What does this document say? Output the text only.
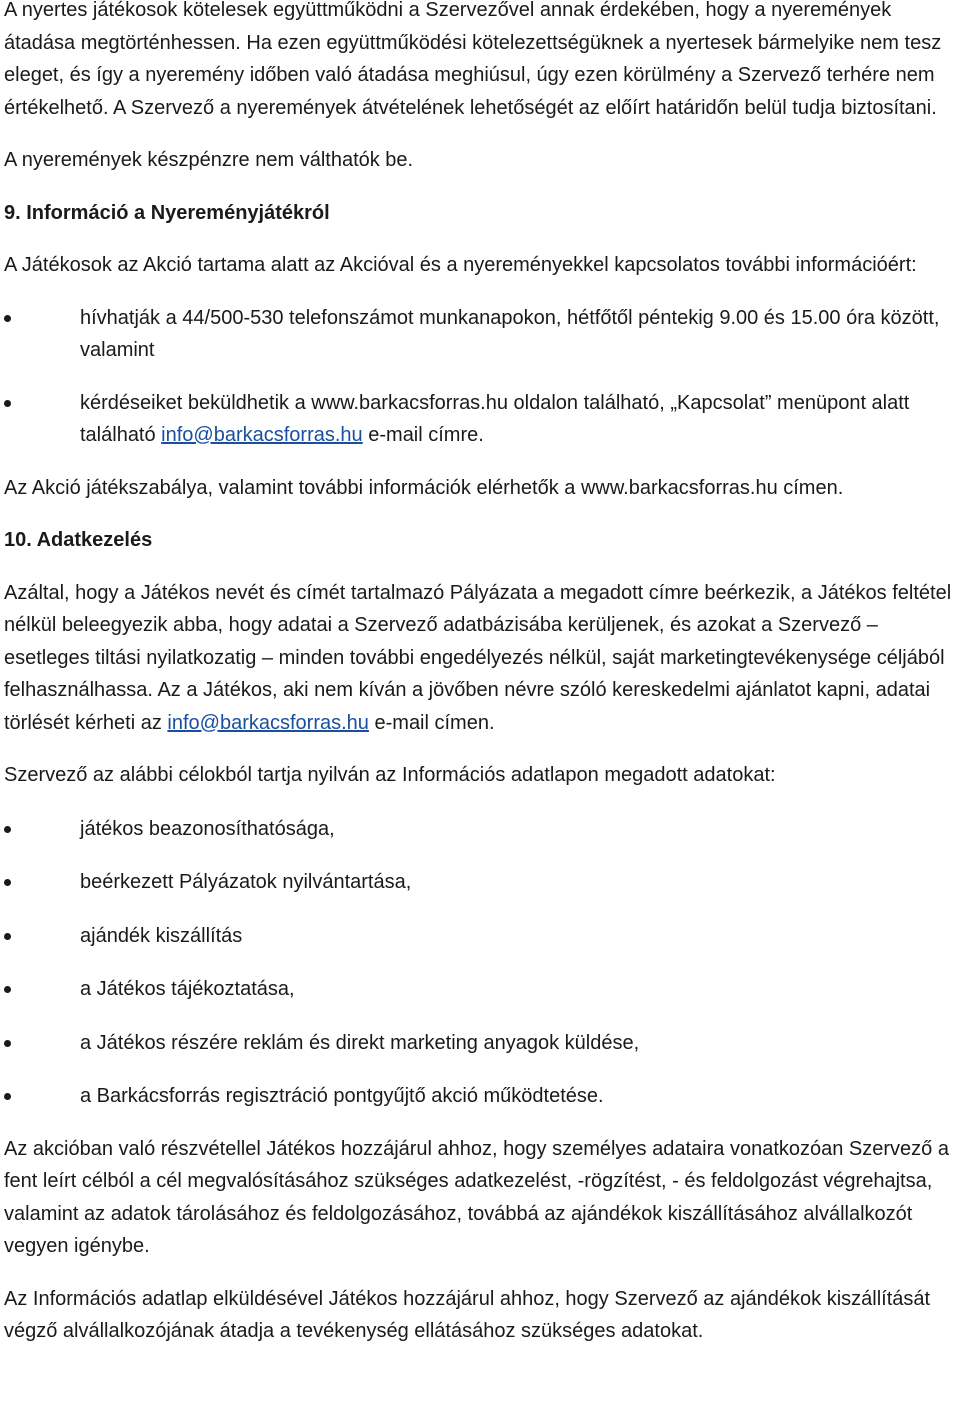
A nyertes játékosok kötelesek együttműködni a Szervezővel annak érdekében, hogy a nyeremények átadása megtörténhessen. Ha ezen együttműködési kötelezettségüknek a nyertesek bármelyike nem tesz eleget, és így a nyeremény időben való átadása meghiúsul, úgy ezen körülmény a Szervező terhére nem értékelhető. A Szervező a nyeremények átvételének lehetőségét az előírt határidőn belül tudja biztosítani.

A nyeremények készpénzre nem válthatók be.

9. Információ a Nyereményjátékról

A Játékosok az Akció tartama alatt az Akcióval és a nyereményekkel kapcsolatos további információért:

hívhatják a 44/500-530 telefonszámot munkanapokon, hétfőtől péntekig 9.00 és 15.00 óra között, valamint
kérdéseiket beküldhetik a www.barkacsforras.hu oldalon található, „Kapcsolat” menüpont alatt található info@barkacsforras.hu e-mail címre.

Az Akció játékszabálya, valamint további információk elérhetők a www.barkacsforras.hu címen.

10. Adatkezelés

Azáltal, hogy a Játékos nevét és címét tartalmazó Pályázata a megadott címre beérkezik, a Játékos feltétel nélkül beleegyezik abba, hogy adatai a Szervező adatbázisába kerüljenek, és azokat a Szervező – esetleges tiltási nyilatkozatig – minden további engedélyezés nélkül, saját marketingtevékenysége céljából felhasználhassa. Az a Játékos, aki nem kíván a jövőben névre szóló kereskedelmi ajánlatot kapni, adatai törlését kérheti az info@barkacsforras.hu e-mail címen.

Szervező az alábbi célokból tartja nyilván az Információs adatlapon megadott adatokat:

játékos beazonosíthatósága,
beérkezett Pályázatok nyilvántartása,
ajándék kiszállítás
a Játékos tájékoztatása,
a Játékos részére reklám és direkt marketing anyagok küldése,
a Barkácsforrás regisztráció pontgyűjtő akció működtetése.

Az akcióban való részvétellel Játékos hozzájárul ahhoz, hogy személyes adataira vonatkozóan Szervező a fent leírt célból a cél megvalósításához szükséges adatkezelést, -rögzítést, - és feldolgozást végrehajtsa, valamint az adatok tárolásához és feldolgozásához, továbbá az ajándékok kiszállításához alvállalkozót vegyen igénybe.

Az Információs adatlap elküldésével Játékos hozzájárul ahhoz, hogy Szervező az ajándékok kiszállítását végző alvállalkozójának átadja a tevékenység ellátásához szükséges adatokat.
